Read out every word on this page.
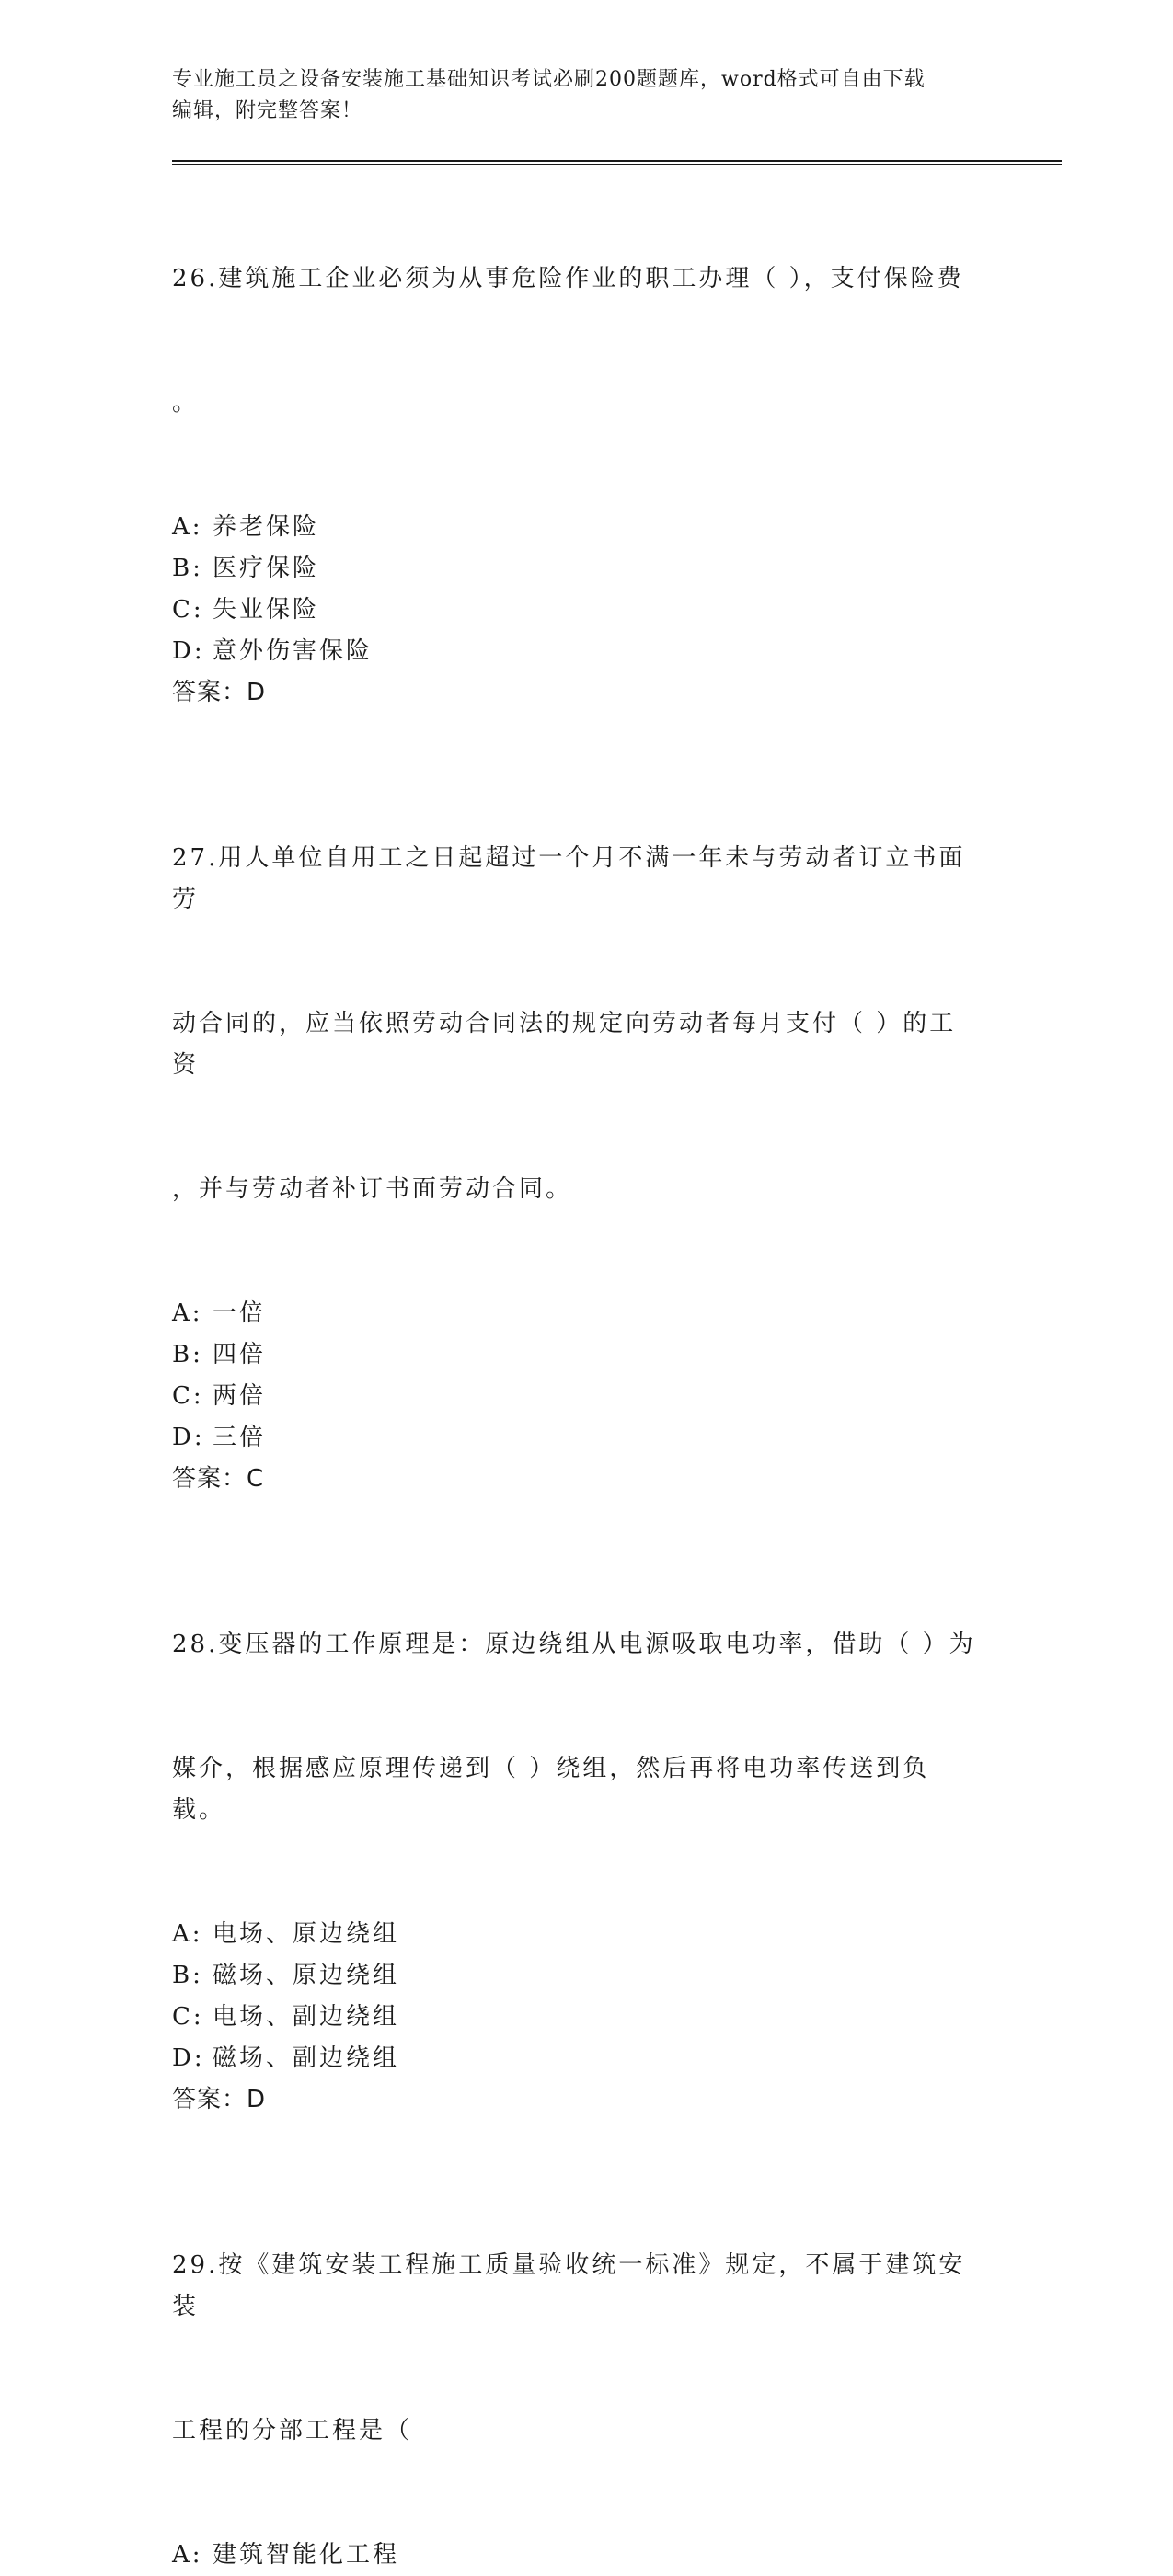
专业施工员之设备安装施工基础知识考试必刷200题题库，word格式可自由下载
编辑，附完整答案！

26.建筑施工企业必须为从事危险作业的职工办理（ ），支付保险费

。

A: 养老保险
B: 医疗保险
C: 失业保险
D: 意外伤害保险
答案：D

27.用人单位自用工之日起超过一个月不满一年未与劳动者订立书面劳

动合同的，应当依照劳动合同法的规定向劳动者每月支付（ ）的工资

，并与劳动者补订书面劳动合同。

A: 一倍
B: 四倍
C: 两倍
D: 三倍
答案：C

28.变压器的工作原理是：原边绕组从电源吸取电功率，借助（ ）为

媒介，根据感应原理传递到（ ）绕组，然后再将电功率传送到负载。

A: 电场、原边绕组
B: 磁场、原边绕组
C: 电场、副边绕组
D: 磁场、副边绕组
答案：D

29.按《建筑安装工程施工质量验收统一标准》规定，不属于建筑安装

工程的分部工程是（

A: 建筑智能化工程
